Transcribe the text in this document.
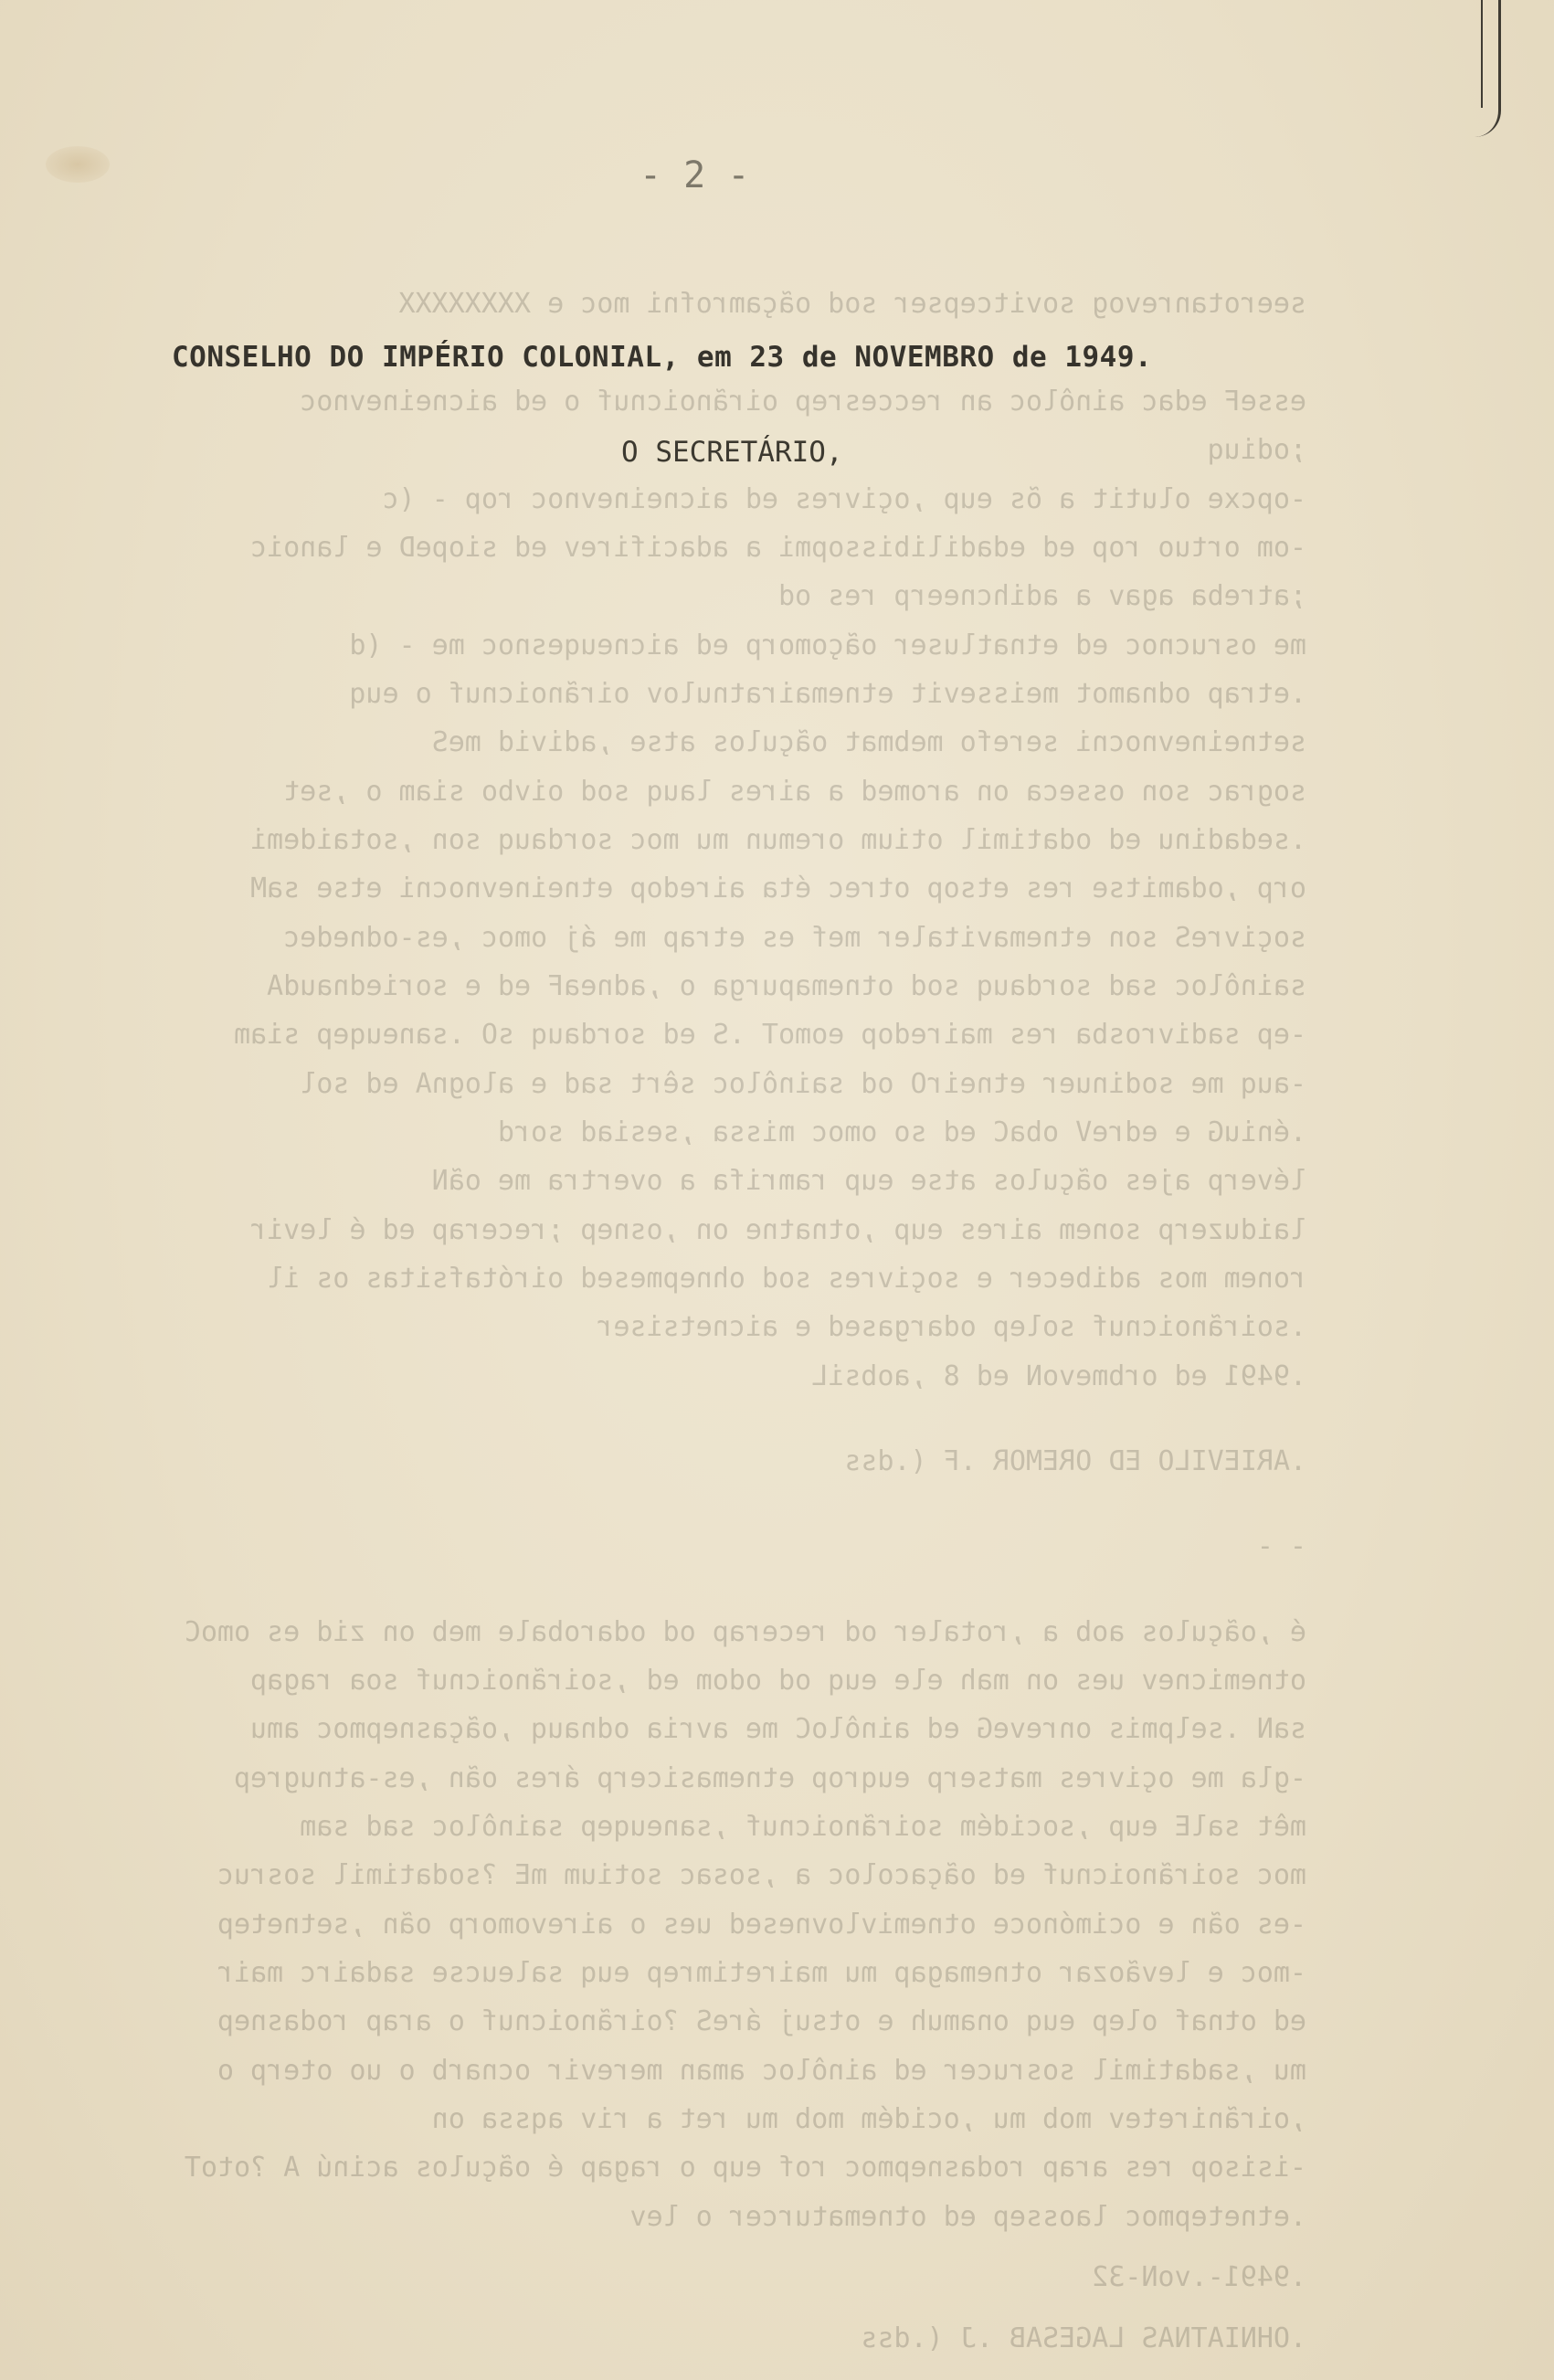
seerotanrevog sovitcepser sod oãçamrofni moc e XXXXXXXX
esseF edac ainôloc an reccesrep oirãnoicnuf o ed aicneinevnoc
;odiuq
-opcxe olutit a õs eup ,oçivres ed aicneinevnoc rop - (c
-om ortuo rop ed edadilibissopmi a adacifirev ed siopeD e lanoic
;atreba agav a adihcneerp res od
me osrucnoc ed etnatluser oãçomorp ed aicneuqesnoc me - (d
.etrap odnamot meissevit etnemairatnulov oirãnoicnuf o euq
setneinevnocni serefo mebmat oãçulos atse ,adivid meS
sograc son osseca on aromed a aires lauq sod oivbo siam o ,set
.sedadinu ed odatimil otium oremun mu moc sordauq son ,sotaidemi
orp ,odamitse res etsop otrec éta airedop etneinevnocni etse saM
soçivreS son etnemavitaler mef es etrap me áj omoc ,es-odnedec
sainôloc sad sordauq sod otnemapurga o ,adneaF ed e soriednaudA
-ep sadivrosba res mairedop eomoT .S ed sordauq sO .saneuqep siam
-auq me sodinuer etneirO od sainôloc sêrt sad e alognA ed sol
.éniuG e edreV obaC ed so omoc missa ,sesiad sord
léverp ajes oãçulos atse eup ramrifa a overtra me oãN
laiduzerp sonem aires eup ,otnatne on ,osnep ;recerap ed é levir
ronem mos adibecer e soçivres sod ohnepmesed oirótafsitas os il
.soirãnoicnuf solep odargased e aicnetsiser
.9491 ed orbmevoN ed 8 ,aobsiL
.ARIEVILO ED OREMOR .F (.dss
- -
é ,oãçulos aob a ,rotaler od recerap od odarobale meb on zid es omoC
otnemicnev ues on mah ele euq od odom ed ,soirãnoicnuf soa ragap
saN .selpmis onreveG ed ainôloC me avria odnauq ,oãçasnepmoc amu
-gla me oçivres matserp euqrop etnemasicerp áres oãn ,es-atnugrep
mêt salE eup ,socidém soirãnoicnuf ,saneuqep sainôloc sad sam
moc soirãnoicnuf ed oãçacoloc a ,sosac sotium mE ?sodatimil sosruc
-es oãn e ocimónoce otnemivlovnesed ues o airevomorp oãn ,setnetep
-moc e levãozar otnemagap mu mairetimrep euq saleucse sadairc mair
ed otnaf olep euq onamuh e otsuj áreS ?oirãnoicnuf o arap rodasnep
mu ,sadatimil sosrucer ed ainôloc aman merevir ocnarb o uo oterp o
,oirãniretev mob mu ,ocidém mob mu ret a riv aqssa on
-isisop res arap rodasnepmoc rof eup o ragap é oãçulos acinú A ?otoT
.etnetepmoc laossep ed otnematurcer o lev
.9491-.voN-32
.OHNIATNAS LAGESAB .J (.dss
- 2 -
CONSELHO DO IMPÉRIO COLONIAL, em 23 de NOVEMBRO de 1949.
O SECRETÁRIO,
